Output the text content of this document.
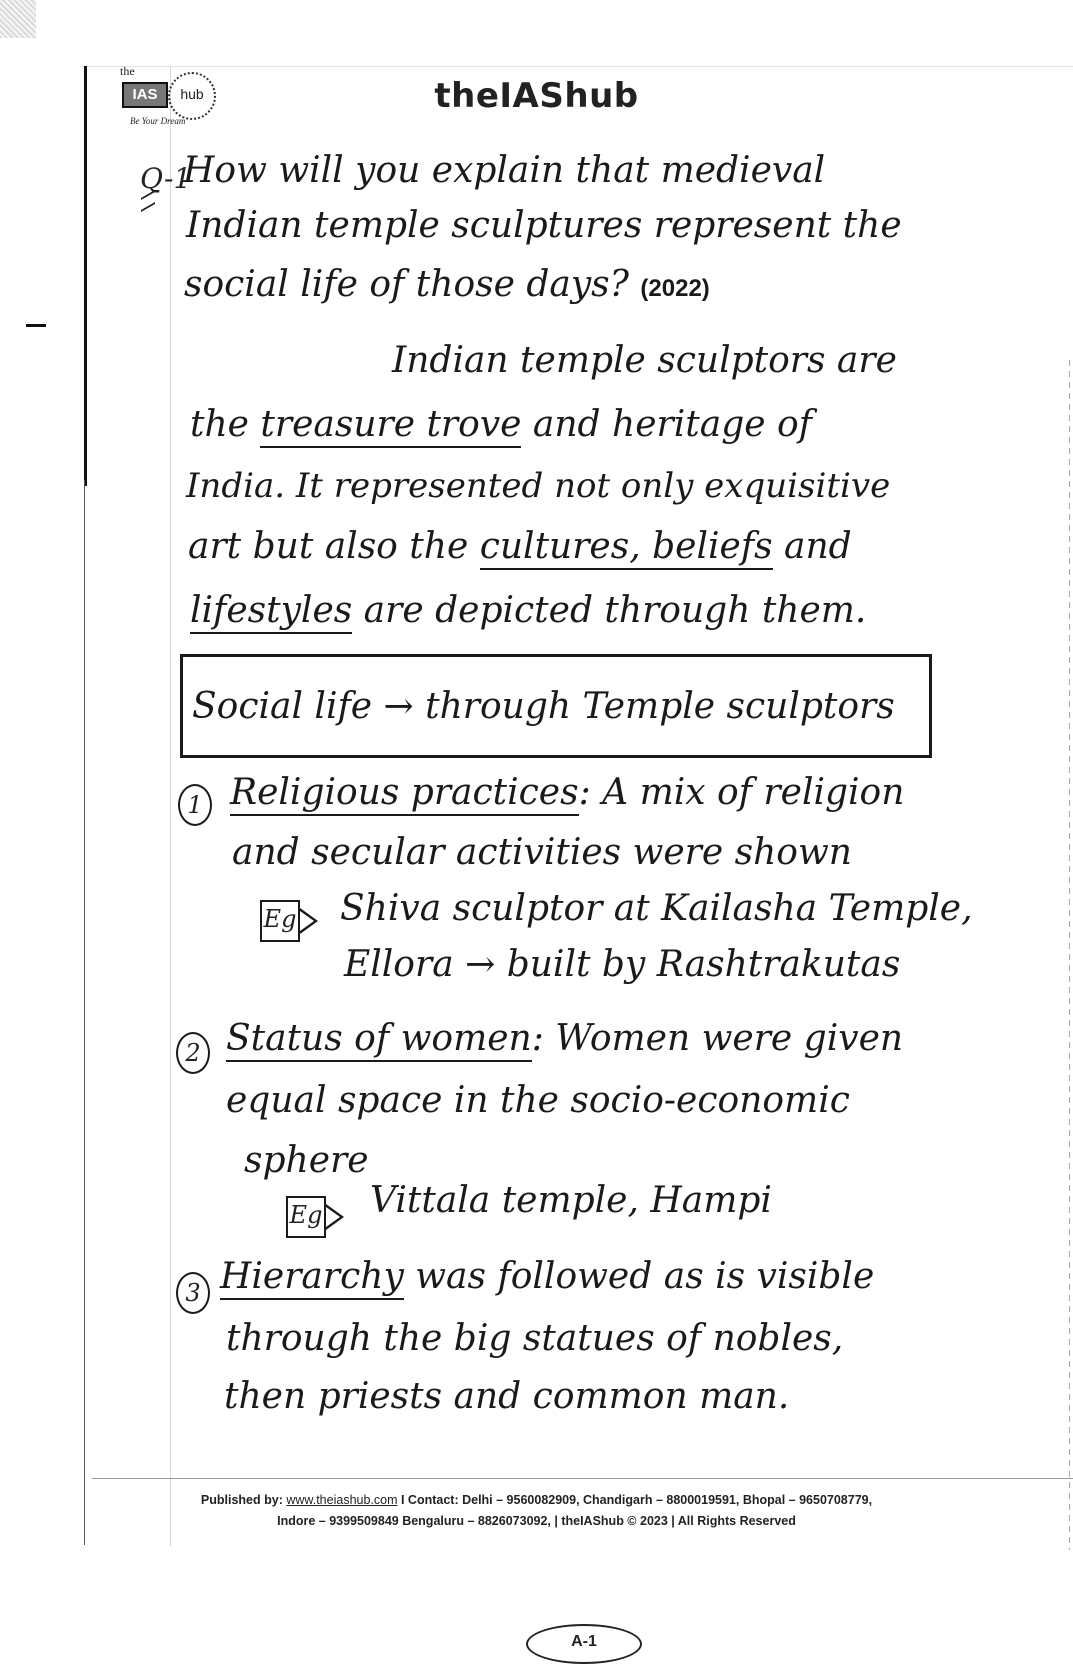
the
IAS	hub
Be Your Dream
theIAShub
Q-1
How will you explain that medieval
Indian temple sculptures represent the
social life of those days? (2022)
Indian temple sculptors are
the treasure trove and heritage of
India. It represented not only exquisitive
art but also the cultures, beliefs and
lifestyles are depicted through them.
Social life → through Temple sculptors
1 Religious practices: A mix of religion
and secular activities were shown
Eg Shiva sculptor at Kailasha Temple,
Ellora → built by Rashtrakutas
2 Status of women: Women were given
equal space in the socio-economic
sphere
Eg Vittala temple, Hampi
3 Hierarchy was followed as is visible
through the big statues of nobles,
then priests and common man.
Published by: www.theiashub.com I Contact: Delhi – 9560082909, Chandigarh – 8800019591, Bhopal – 9650708779,
Indore – 9399509849 Bengaluru – 8826073092, | theIAShub © 2023 | All Rights Reserved
A-1
